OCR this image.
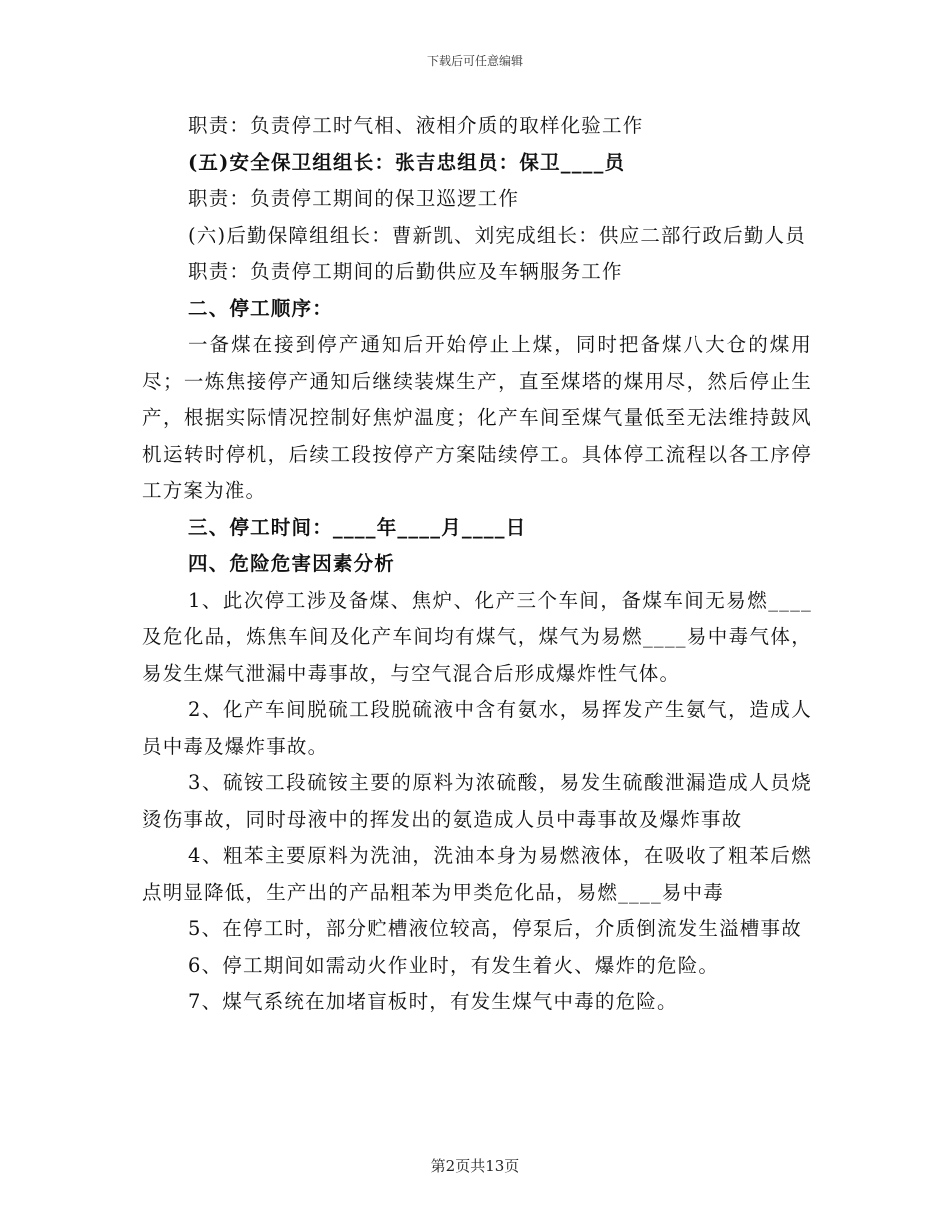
下载后可任意编辑

职责：负责停工时气相、液相介质的取样化验工作

(五)安全保卫组组长：张吉忠组员：保卫____员

职责：负责停工期间的保卫巡逻工作

(六)后勤保障组组长：曹新凯、刘宪成组长：供应二部行政后勤人员

职责：负责停工期间的后勤供应及车辆服务工作

二、停工顺序：

一备煤在接到停产通知后开始停止上煤，同时把备煤八大仓的煤用尽；一炼焦接停产通知后继续装煤生产，直至煤塔的煤用尽，然后停止生产，根据实际情况控制好焦炉温度；化产车间至煤气量低至无法维持鼓风机运转时停机，后续工段按停产方案陆续停工。具体停工流程以各工序停工方案为准。

三、停工时间：____年____月____日

四、危险危害因素分析

1、此次停工涉及备煤、焦炉、化产三个车间，备煤车间无易燃____及危化品，炼焦车间及化产车间均有煤气，煤气为易燃____易中毒气体，易发生煤气泄漏中毒事故，与空气混合后形成爆炸性气体。

2、化产车间脱硫工段脱硫液中含有氨水，易挥发产生氨气，造成人员中毒及爆炸事故。

3、硫铵工段硫铵主要的原料为浓硫酸，易发生硫酸泄漏造成人员烧烫伤事故，同时母液中的挥发出的氨造成人员中毒事故及爆炸事故

4、粗苯主要原料为洗油，洗油本身为易燃液体，在吸收了粗苯后燃点明显降低，生产出的产品粗苯为甲类危化品，易燃____易中毒

5、在停工时，部分贮槽液位较高，停泵后，介质倒流发生溢槽事故

6、停工期间如需动火作业时，有发生着火、爆炸的危险。

7、煤气系统在加堵盲板时，有发生煤气中毒的危险。

第2页共13页
